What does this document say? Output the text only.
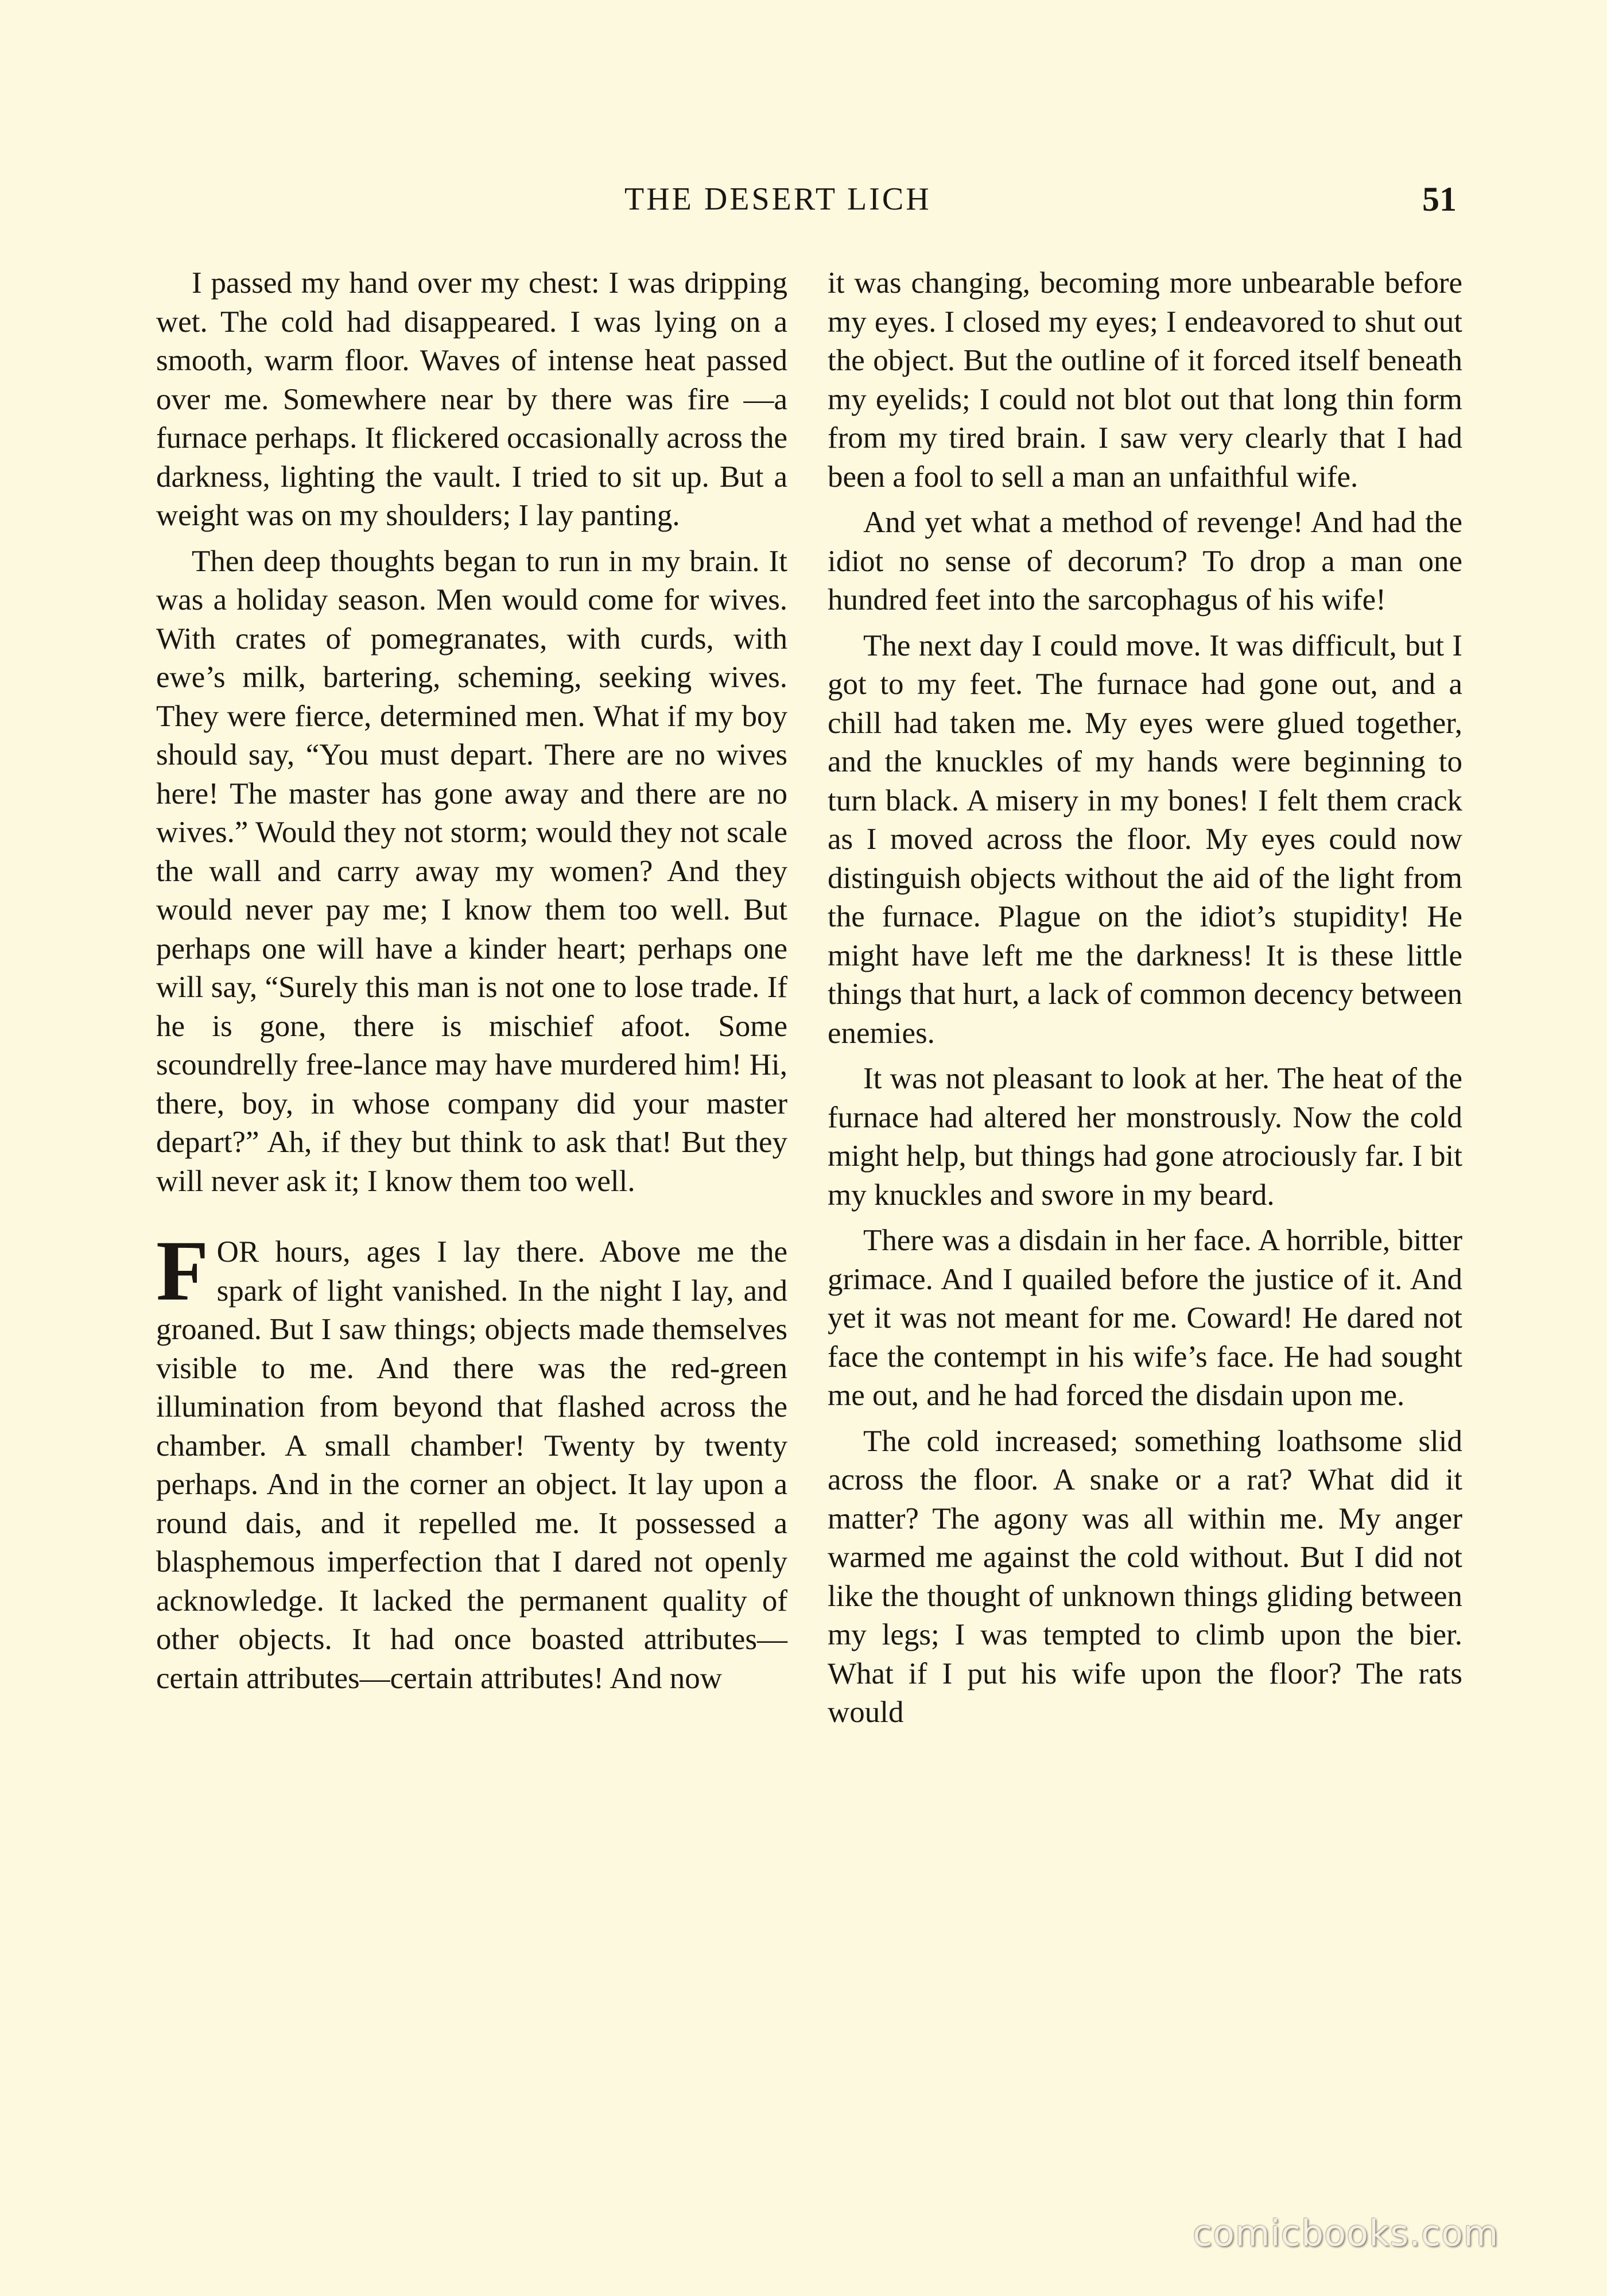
THE DESERT LICH	51

I passed my hand over my chest: I was dripping wet. The cold had disappeared. I was lying on a smooth, warm floor. Waves of intense heat passed over me. Somewhere near by there was fire —a furnace perhaps. It flickered occasionally across the darkness, lighting the vault. I tried to sit up. But a weight was on my shoulders; I lay panting.

Then deep thoughts began to run in my brain. It was a holiday season. Men would come for wives. With crates of pomegranates, with curds, with ewe’s milk, bartering, scheming, seeking wives. They were fierce, determined men. What if my boy should say, “You must depart. There are no wives here! The master has gone away and there are no wives.” Would they not storm; would they not scale the wall and carry away my women? And they would never pay me; I know them too well. But perhaps one will have a kinder heart; perhaps one will say, “Surely this man is not one to lose trade. If he is gone, there is mischief afoot. Some scoundrelly free-lance may have murdered him! Hi, there, boy, in whose company did your master depart?” Ah, if they but think to ask that! But they will never ask it; I know them too well.

FOR hours, ages I lay there. Above me the spark of light vanished. In the night I lay, and groaned. But I saw things; objects made themselves visible to me. And there was the red-green illumination from beyond that flashed across the chamber. A small chamber! Twenty by twenty perhaps. And in the corner an object. It lay upon a round dais, and it repelled me. It possessed a blasphemous imperfection that I dared not openly acknowledge. It lacked the permanent quality of other objects. It had once boasted attributes—certain attributes—certain attributes! And now

it was changing, becoming more unbearable before my eyes. I closed my eyes; I endeavored to shut out the object. But the outline of it forced itself beneath my eyelids; I could not blot out that long thin form from my tired brain. I saw very clearly that I had been a fool to sell a man an unfaithful wife.

And yet what a method of revenge! And had the idiot no sense of decorum? To drop a man one hundred feet into the sarcophagus of his wife!

The next day I could move. It was difficult, but I got to my feet. The furnace had gone out, and a chill had taken me. My eyes were glued together, and the knuckles of my hands were beginning to turn black. A misery in my bones! I felt them crack as I moved across the floor. My eyes could now distinguish objects without the aid of the light from the furnace. Plague on the idiot’s stupidity! He might have left me the darkness! It is these little things that hurt, a lack of common decency between enemies.

It was not pleasant to look at her. The heat of the furnace had altered her monstrously. Now the cold might help, but things had gone atrociously far. I bit my knuckles and swore in my beard.

There was a disdain in her face. A horrible, bitter grimace. And I quailed before the justice of it. And yet it was not meant for me. Coward! He dared not face the contempt in his wife’s face. He had sought me out, and he had forced the disdain upon me.

The cold increased; something loathsome slid across the floor. A snake or a rat? What did it matter? The agony was all within me. My anger warmed me against the cold without. But I did not like the thought of unknown things gliding between my legs; I was tempted to climb upon the bier. What if I put his wife upon the floor? The rats would

comicbooks.com
